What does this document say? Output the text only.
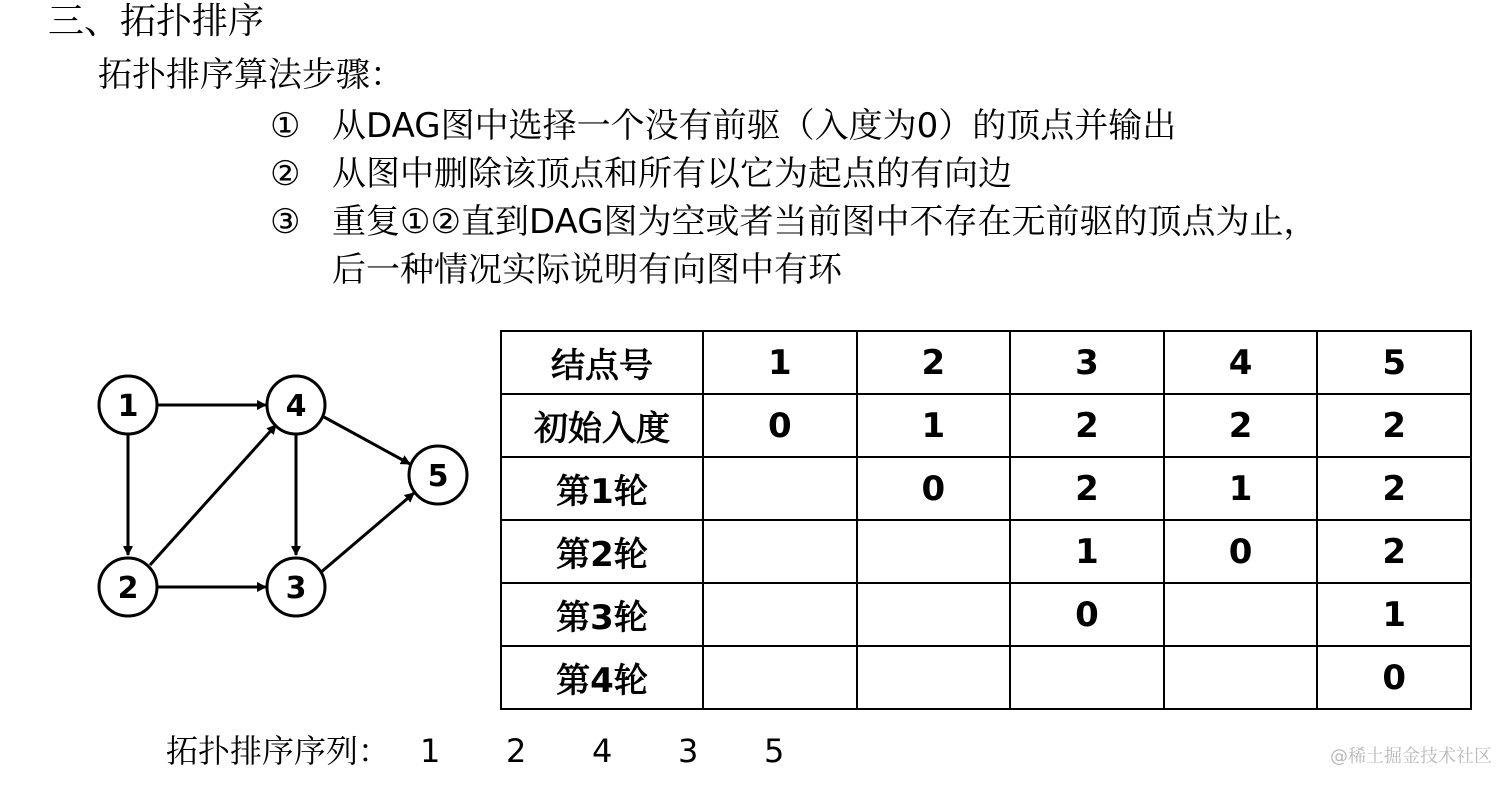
三、拓扑排序
拓扑排序算法步骤：
① 从DAG图中选择一个没有前驱（入度为0）的顶点并输出
② 从图中删除该顶点和所有以它为起点的有向边
③ 重复①②直到DAG图为空或者当前图中不存在无前驱的顶点为止，
后一种情况实际说明有向图中有环
1
2	3
4
5
结点号	1	2	3	4	5
初始入度	0	1	2	2	2
第1轮		0	2	1	2
第2轮			1	0	2
第3轮			0		1
第4轮					0
拓扑排序序列： 1	2	4	3	5	@稀土掘金技术社区
